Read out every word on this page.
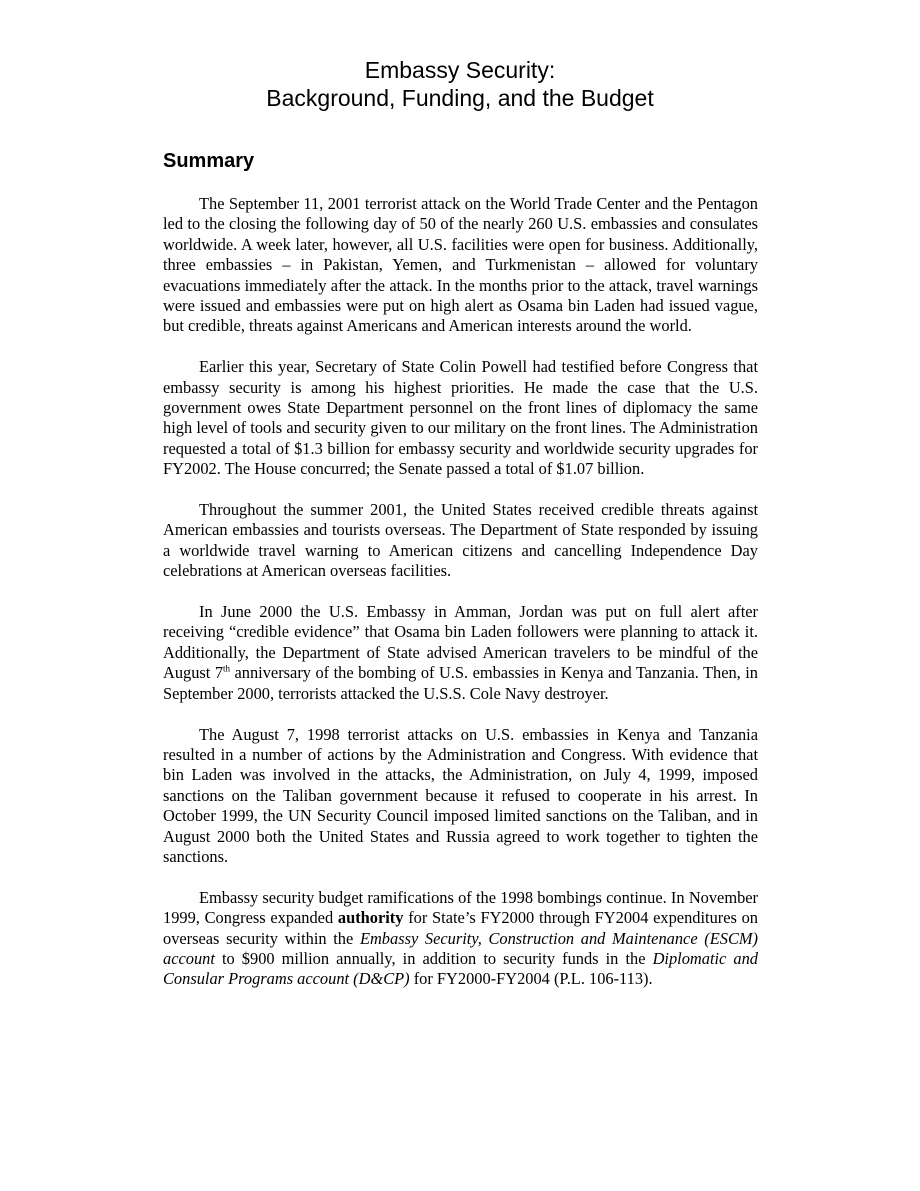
Embassy Security:
Background, Funding, and the Budget
Summary

The September 11, 2001 terrorist attack on the World Trade Center and the Pentagon led to the closing the following day of 50 of the nearly 260 U.S. embassies and consulates worldwide. A week later, however, all U.S. facilities were open for business. Additionally, three embassies – in Pakistan, Yemen, and Turkmenistan – allowed for voluntary evacuations immediately after the attack. In the months prior to the attack, travel warnings were issued and embassies were put on high alert as Osama bin Laden had issued vague, but credible, threats against Americans and American interests around the world.

Earlier this year, Secretary of State Colin Powell had testified before Congress that embassy security is among his highest priorities. He made the case that the U.S. government owes State Department personnel on the front lines of diplomacy the same high level of tools and security given to our military on the front lines. The Administration requested a total of $1.3 billion for embassy security and worldwide security upgrades for FY2002. The House concurred; the Senate passed a total of $1.07 billion.

Throughout the summer 2001, the United States received credible threats against American embassies and tourists overseas. The Department of State responded by issuing a worldwide travel warning to American citizens and cancelling Independence Day celebrations at American overseas facilities.

In June 2000 the U.S. Embassy in Amman, Jordan was put on full alert after receiving “credible evidence” that Osama bin Laden followers were planning to attack it. Additionally, the Department of State advised American travelers to be mindful of the August 7th anniversary of the bombing of U.S. embassies in Kenya and Tanzania. Then, in September 2000, terrorists attacked the U.S.S. Cole Navy destroyer.

The August 7, 1998 terrorist attacks on U.S. embassies in Kenya and Tanzania resulted in a number of actions by the Administration and Congress. With evidence that bin Laden was involved in the attacks, the Administration, on July 4, 1999, imposed sanctions on the Taliban government because it refused to cooperate in his arrest. In October 1999, the UN Security Council imposed limited sanctions on the Taliban, and in August 2000 both the United States and Russia agreed to work together to tighten the sanctions.

Embassy security budget ramifications of the 1998 bombings continue. In November 1999, Congress expanded authority for State’s FY2000 through FY2004 expenditures on overseas security within the Embassy Security, Construction and Maintenance (ESCM) account to $900 million annually, in addition to security funds in the Diplomatic and Consular Programs account (D&CP) for FY2000-FY2004 (P.L. 106-113).
